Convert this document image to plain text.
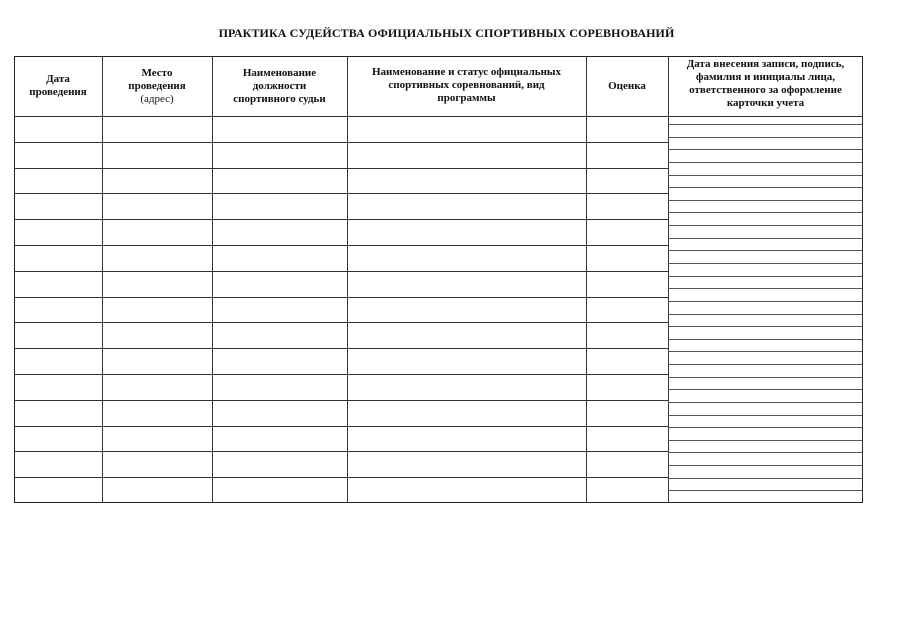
ПРАКТИКА СУДЕЙСТВА ОФИЦИАЛЬНЫХ СПОРТИВНЫХ СОРЕВНОВАНИЙ
Дата
проведения
Место
проведения
(адрес)
Наименование
должности
спортивного судьи
Наименование и статус официальных
спортивных соревнований, вид
программы
Оценка
Дата внесения записи, подпись,
фамилия и инициалы лица,
ответственного за оформление
карточки учета
